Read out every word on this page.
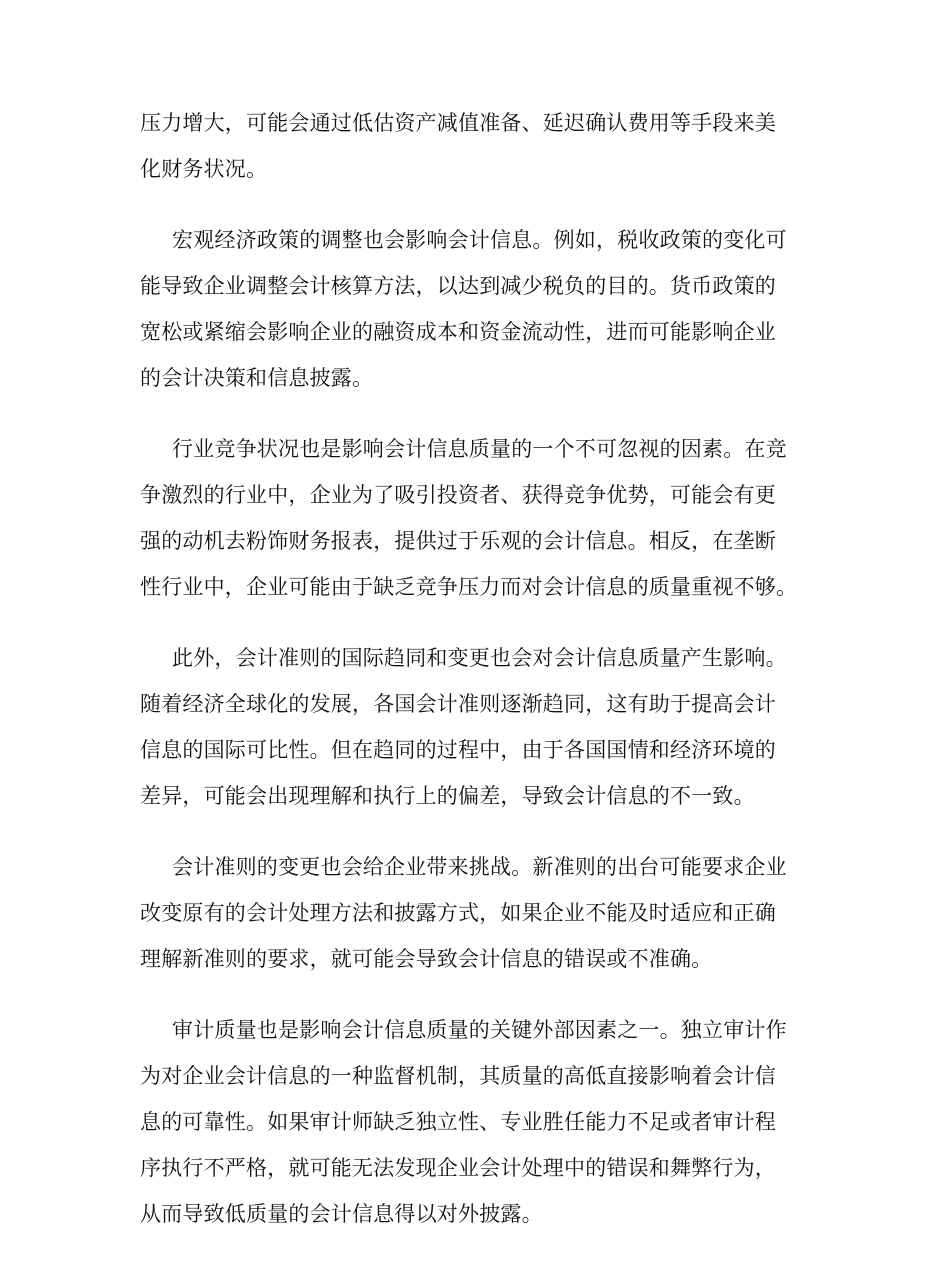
压力增大，可能会通过低估资产减值准备、延迟确认费用等手段来美
化财务状况。
宏观经济政策的调整也会影响会计信息。例如，税收政策的变化可
能导致企业调整会计核算方法，以达到减少税负的目的。货币政策的
宽松或紧缩会影响企业的融资成本和资金流动性，进而可能影响企业
的会计决策和信息披露。
行业竞争状况也是影响会计信息质量的一个不可忽视的因素。在竞
争激烈的行业中，企业为了吸引投资者、获得竞争优势，可能会有更
强的动机去粉饰财务报表，提供过于乐观的会计信息。相反，在垄断
性行业中，企业可能由于缺乏竞争压力而对会计信息的质量重视不够。
此外，会计准则的国际趋同和变更也会对会计信息质量产生影响。
随着经济全球化的发展，各国会计准则逐渐趋同，这有助于提高会计
信息的国际可比性。但在趋同的过程中，由于各国国情和经济环境的
差异，可能会出现理解和执行上的偏差，导致会计信息的不一致。
会计准则的变更也会给企业带来挑战。新准则的出台可能要求企业
改变原有的会计处理方法和披露方式，如果企业不能及时适应和正确
理解新准则的要求，就可能会导致会计信息的错误或不准确。
审计质量也是影响会计信息质量的关键外部因素之一。独立审计作
为对企业会计信息的一种监督机制，其质量的高低直接影响着会计信
息的可靠性。如果审计师缺乏独立性、专业胜任能力不足或者审计程
序执行不严格，就可能无法发现企业会计处理中的错误和舞弊行为，
从而导致低质量的会计信息得以对外披露。
